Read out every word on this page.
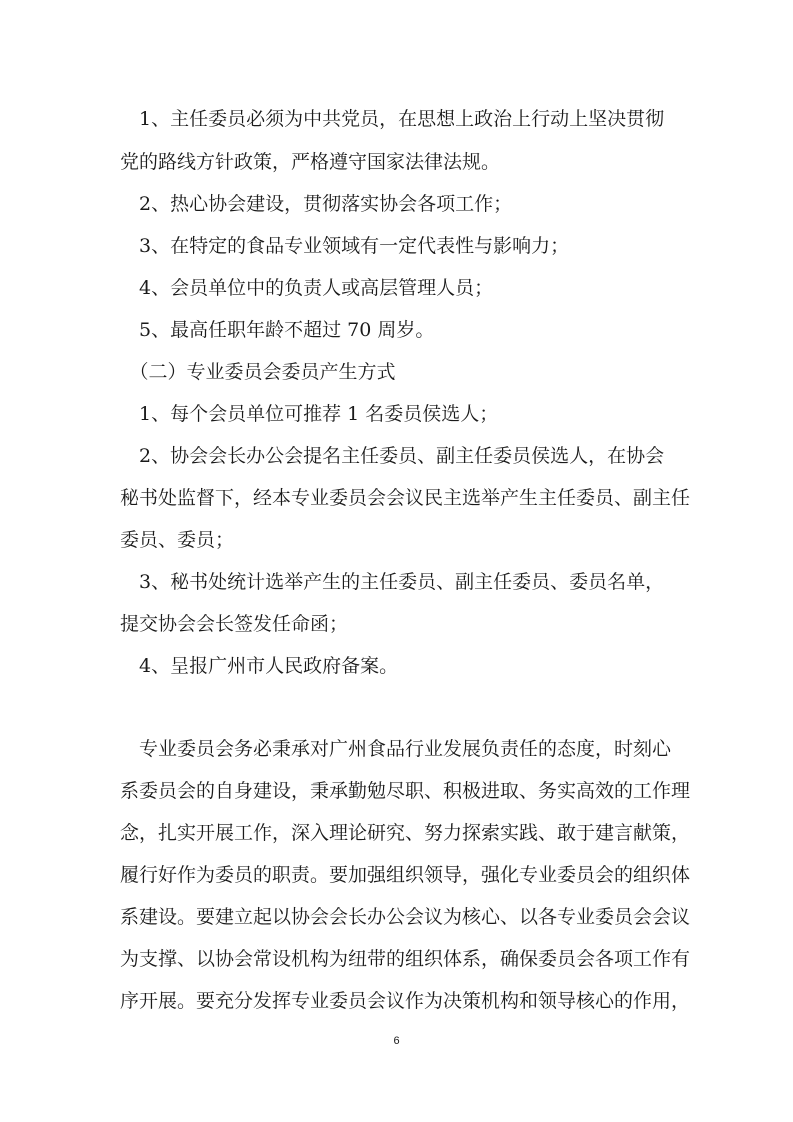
　1、主任委员必须为中共党员，在思想上政治上行动上坚决贯彻

党的路线方针政策，严格遵守国家法律法规。

　2、热心协会建设，贯彻落实协会各项工作；

　3、在特定的食品专业领域有一定代表性与影响力；

　4、会员单位中的负责人或高层管理人员；

　5、最高任职年龄不超过 70 周岁。

　（二）专业委员会委员产生方式

　1、每个会员单位可推荐 1 名委员侯选人；

　2、协会会长办公会提名主任委员、副主任委员侯选人，在协会

秘书处监督下，经本专业委员会会议民主选举产生主任委员、副主任

委员、委员；

　3、秘书处统计选举产生的主任委员、副主任委员、委员名单，

提交协会会长签发任命函；

　4、呈报广州市人民政府备案。

　专业委员会务必秉承对广州食品行业发展负责任的态度，时刻心

系委员会的自身建设，秉承勤勉尽职、积极进取、务实高效的工作理

念，扎实开展工作，深入理论研究、努力探索实践、敢于建言献策，

履行好作为委员的职责。要加强组织领导，强化专业委员会的组织体

系建设。要建立起以协会会长办公会议为核心、以各专业委员会会议

为支撑、以协会常设机构为纽带的组织体系，确保委员会各项工作有

序开展。要充分发挥专业委员会议作为决策机构和领导核心的作用，

6
